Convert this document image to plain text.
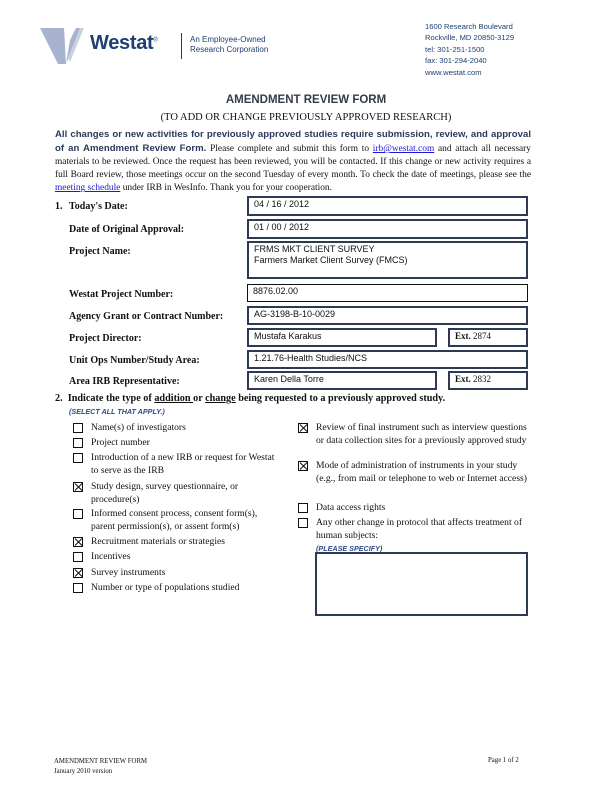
Westat®	An Employee-Owned
Research Corporation
1600 Research Boulevard
Rockville, MD 20850-3129
tel: 301-251-1500
fax: 301-294-2040
www.westat.com
AMENDMENT REVIEW FORM
(TO ADD OR CHANGE PREVIOUSLY APPROVED RESEARCH)
All changes or new activities for previously approved studies require submission, review, and approval of an Amendment Review Form. Please complete and submit this form to irb@westat.com and attach all necessary materials to be reviewed. Once the request has been reviewed, you will be contacted. If this change or new activity requires a full Board review, those meetings occur on the second Tuesday of every month. To check the date of meetings, please see the meeting schedule under IRB in WesInfo. Thank you for your cooperation.
1. Today's Date:	04 / 16 / 2012
Date of Original Approval:	01 / 00 / 2012
Project Name:	FRMS MKT CLIENT SURVEY
Farmers Market Client Survey (FMCS)
Westat Project Number:	8876.02.00
Agency Grant or Contract Number:	AG-3198-B-10-0029
Project Director:	Mustafa Karakus	Ext. 2874
Unit Ops Number/Study Area:	1.21.76-Health Studies/NCS
Area IRB Representative:	Karen Della Torre	Ext. 2832
2. Indicate the type of addition or change being requested to a previously approved study.
(SELECT ALL THAT APPLY.)
Name(s) of investigators
Project number
Introduction of a new IRB or request for Westat to serve as the IRB
Study design, survey questionnaire, or procedure(s)
Informed consent process, consent form(s), parent permission(s), or assent form(s)
Recruitment materials or strategies
Incentives
Survey instruments
Number or type of populations studied
Review of final instrument such as interview questions or data collection sites for a previously approved study
Mode of administration of instruments in your study (e.g., from mail or telephone to web or Internet access)
Data access rights
Any other change in protocol that affects treatment of human subjects:
(PLEASE SPECIFY)
AMENDMENT REVIEW FORM
January 2010 version
Page 1 of 2
